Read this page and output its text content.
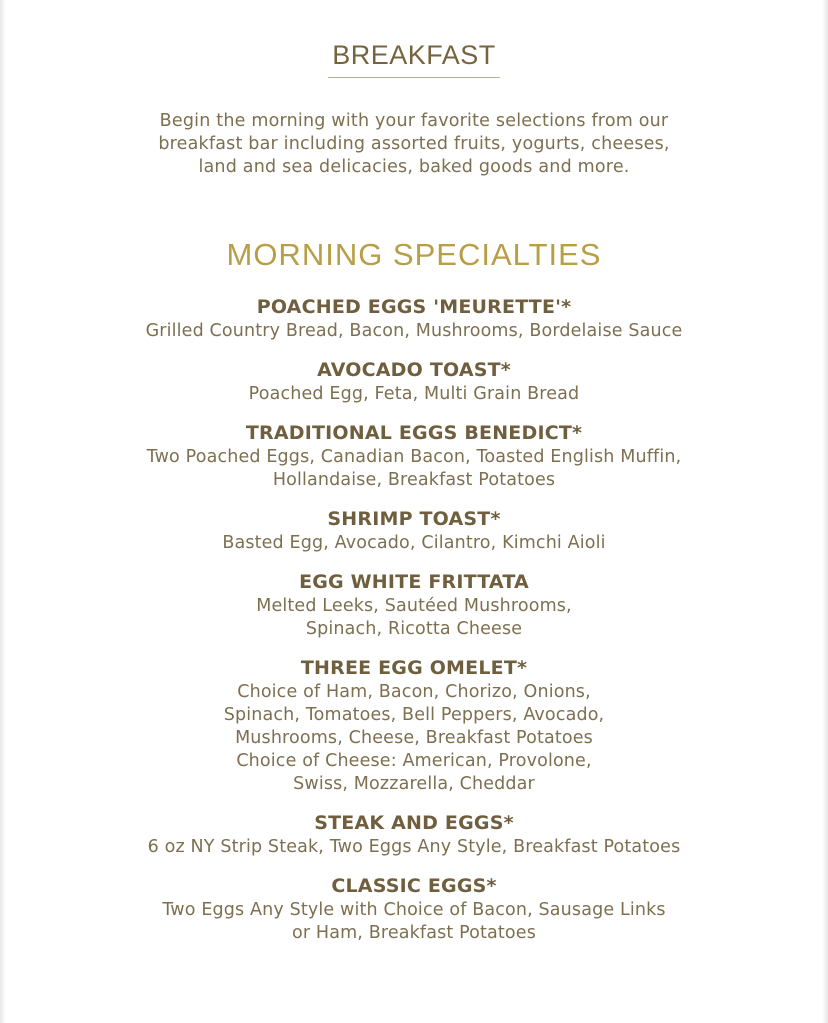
BREAKFAST
Begin the morning with your favorite selections from our
breakfast bar including assorted fruits, yogurts, cheeses,
land and sea delicacies, baked goods and more.
MORNING SPECIALTIES
POACHED EGGS 'MEURETTE'*
Grilled Country Bread, Bacon, Mushrooms, Bordelaise Sauce
AVOCADO TOAST*
Poached Egg, Feta, Multi Grain Bread
TRADITIONAL EGGS BENEDICT*
Two Poached Eggs, Canadian Bacon, Toasted English Muffin,
Hollandaise, Breakfast Potatoes
SHRIMP TOAST*
Basted Egg, Avocado, Cilantro, Kimchi Aioli
EGG WHITE FRITTATA
Melted Leeks, Sautéed Mushrooms,
Spinach, Ricotta Cheese
THREE EGG OMELET*
Choice of Ham, Bacon, Chorizo, Onions,
Spinach, Tomatoes, Bell Peppers, Avocado,
Mushrooms, Cheese, Breakfast Potatoes
Choice of Cheese: American, Provolone,
Swiss, Mozzarella, Cheddar
STEAK AND EGGS*
6 oz NY Strip Steak, Two Eggs Any Style, Breakfast Potatoes
CLASSIC EGGS*
Two Eggs Any Style with Choice of Bacon, Sausage Links
or Ham, Breakfast Potatoes
